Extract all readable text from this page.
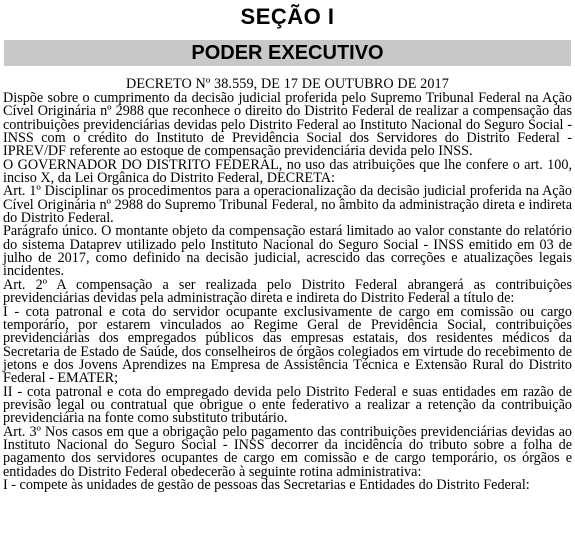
SEÇÃO I
PODER EXECUTIVO
DECRETO Nº 38.559, DE 17 DE OUTUBRO DE 2017

Dispõe sobre o cumprimento da decisão judicial proferida pelo Supremo Tribunal Federal na Ação Cível Originária nº 2988 que reconhece o direito do Distrito Federal de realizar a compensação das contribuições previdenciárias devidas pelo Distrito Federal ao Instituto Nacional do Seguro Social - INSS com o crédito do Instituto de Previdência Social dos Servidores do Distrito Federal - IPREV/DF referente ao estoque de compensação previdenciária devida pelo INSS.

O GOVERNADOR DO DISTRITO FEDERAL, no uso das atribuições que lhe confere o art. 100, inciso X, da Lei Orgânica do Distrito Federal, DECRETA:

Art. 1º Disciplinar os procedimentos para a operacionalização da decisão judicial proferida na Ação Cível Originária nº 2988 do Supremo Tribunal Federal, no âmbito da administração direta e indireta do Distrito Federal.

Parágrafo único. O montante objeto da compensação estará limitado ao valor constante do relatório do sistema Dataprev utilizado pelo Instituto Nacional do Seguro Social - INSS emitido em 03 de julho de 2017, como definido na decisão judicial, acrescido das correções e atualizações legais incidentes.

Art. 2º A compensação a ser realizada pelo Distrito Federal abrangerá as contribuições previdenciárias devidas pela administração direta e indireta do Distrito Federal a título de:

I - cota patronal e cota do servidor ocupante exclusivamente de cargo em comissão ou cargo temporário, por estarem vinculados ao Regime Geral de Previdência Social, contribuições previdenciárias dos empregados públicos das empresas estatais, dos residentes médicos da Secretaria de Estado de Saúde, dos conselheiros de órgãos colegiados em virtude do recebimento de jetons e dos Jovens Aprendizes na Empresa de Assistência Técnica e Extensão Rural do Distrito Federal - EMATER;

II - cota patronal e cota do empregado devida pelo Distrito Federal e suas entidades em razão de previsão legal ou contratual que obrigue o ente federativo a realizar a retenção da contribuição previdenciária na fonte como substituto tributário.

Art. 3º Nos casos em que a obrigação pelo pagamento das contribuições previdenciárias devidas ao Instituto Nacional do Seguro Social - INSS decorrer da incidência do tributo sobre a folha de pagamento dos servidores ocupantes de cargo em comissão e de cargo temporário, os órgãos e entidades do Distrito Federal obedecerão à seguinte rotina administrativa:

I - compete às unidades de gestão de pessoas das Secretarias e Entidades do Distrito Federal:
